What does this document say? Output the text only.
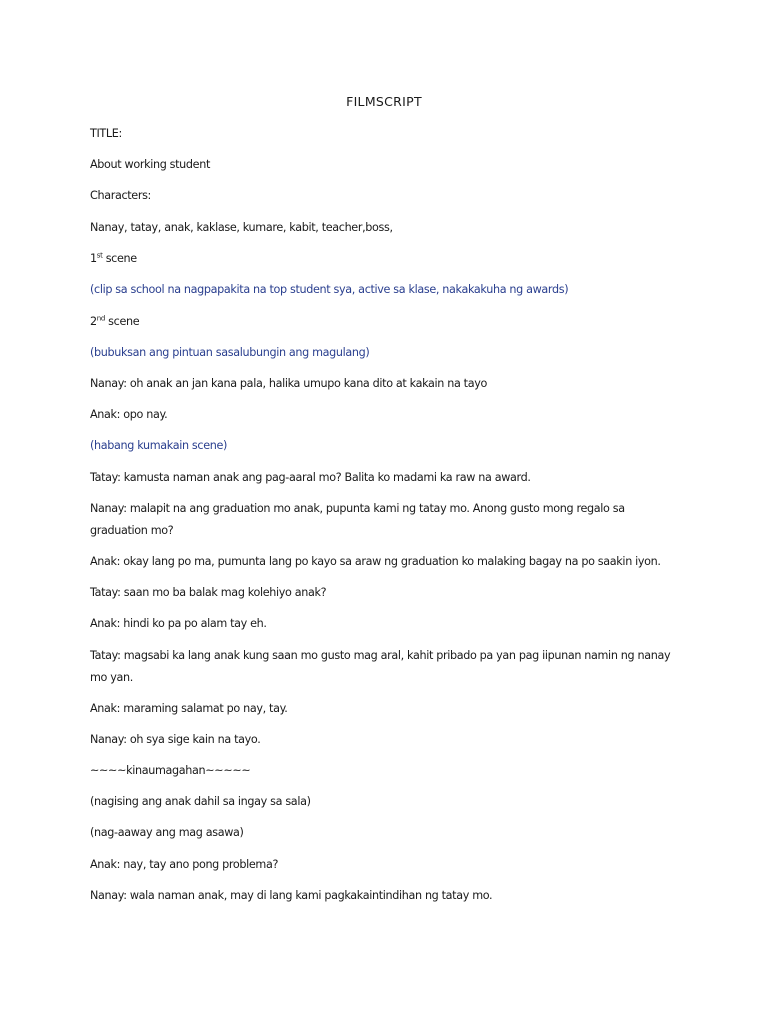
FILMSCRIPT
TITLE:
About working student
Characters:
Nanay, tatay, anak, kaklase, kumare, kabit, teacher,boss,
1st scene
(clip sa school na nagpapakita na top student sya, active sa klase, nakakakuha ng awards)
2nd scene
(bubuksan ang pintuan sasalubungin ang magulang)
Nanay: oh anak an jan kana pala, halika umupo kana dito at kakain na tayo
Anak: opo nay.
(habang kumakain scene)
Tatay: kamusta naman anak ang pag-aaral mo? Balita ko madami ka raw na award.
Nanay: malapit na ang graduation mo anak, pupunta kami ng tatay mo. Anong gusto mong regalo sa graduation mo?
Anak: okay lang po ma, pumunta lang po kayo sa araw ng graduation ko malaking bagay na po saakin iyon.
Tatay: saan mo ba balak mag kolehiyo anak?
Anak: hindi ko pa po alam tay eh.
Tatay: magsabi ka lang anak kung saan mo gusto mag aral, kahit pribado pa yan pag iipunan namin ng nanay mo yan.
Anak: maraming salamat po nay, tay.
Nanay: oh sya sige kain na tayo.
~~~~kinaumagahan~~~~~
(nagising ang anak dahil sa ingay sa sala)
(nag-aaway ang mag asawa)
Anak: nay, tay ano pong problema?
Nanay: wala naman anak, may di lang kami pagkakaintindihan ng tatay mo.
